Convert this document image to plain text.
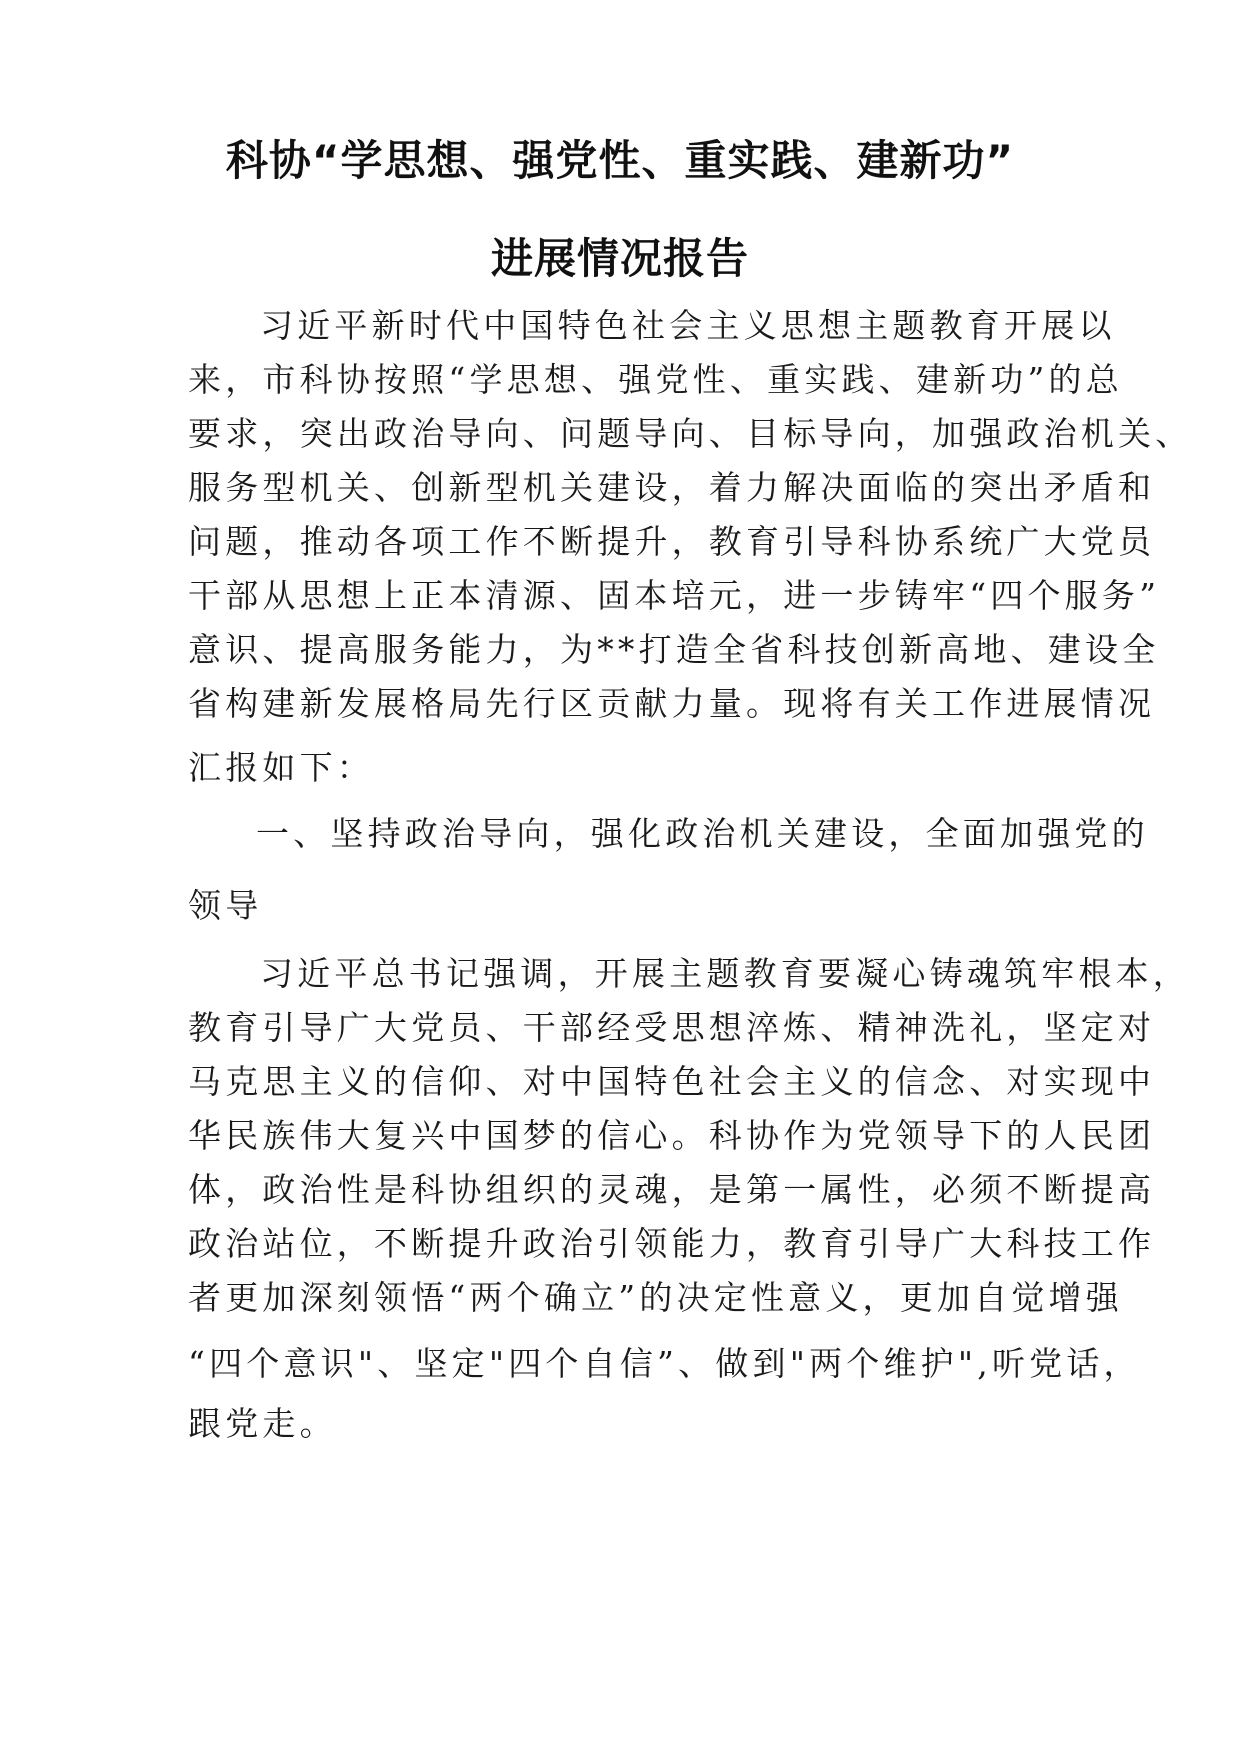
科协“学思想、强党性、重实践、建新功”
进展情况报告
习近平新时代中国特色社会主义思想主题教育开展以
来，市科协按照“学思想、强党性、重实践、建新功”的总
要求，突出政治导向、问题导向、目标导向，加强政治机关、
服务型机关、创新型机关建设，着力解决面临的突出矛盾和
问题，推动各项工作不断提升，教育引导科协系统广大党员
干部从思想上正本清源、固本培元，进一步铸牢“四个服务”
意识、提高服务能力，为**打造全省科技创新高地、建设全
省构建新发展格局先行区贡献力量。现将有关工作进展情况
汇报如下：
一、坚持政治导向，强化政治机关建设，全面加强党的
领导
习近平总书记强调，开展主题教育要凝心铸魂筑牢根本，
教育引导广大党员、干部经受思想淬炼、精神洗礼，坚定对
马克思主义的信仰、对中国特色社会主义的信念、对实现中
华民族伟大复兴中国梦的信心。科协作为党领导下的人民团
体，政治性是科协组织的灵魂，是第一属性，必须不断提高
政治站位，不断提升政治引领能力，教育引导广大科技工作
者更加深刻领悟“两个确立”的决定性意义，更加自觉增强
“四个意识"、坚定"四个自信”、做到"两个维护",听党话，
跟党走。
